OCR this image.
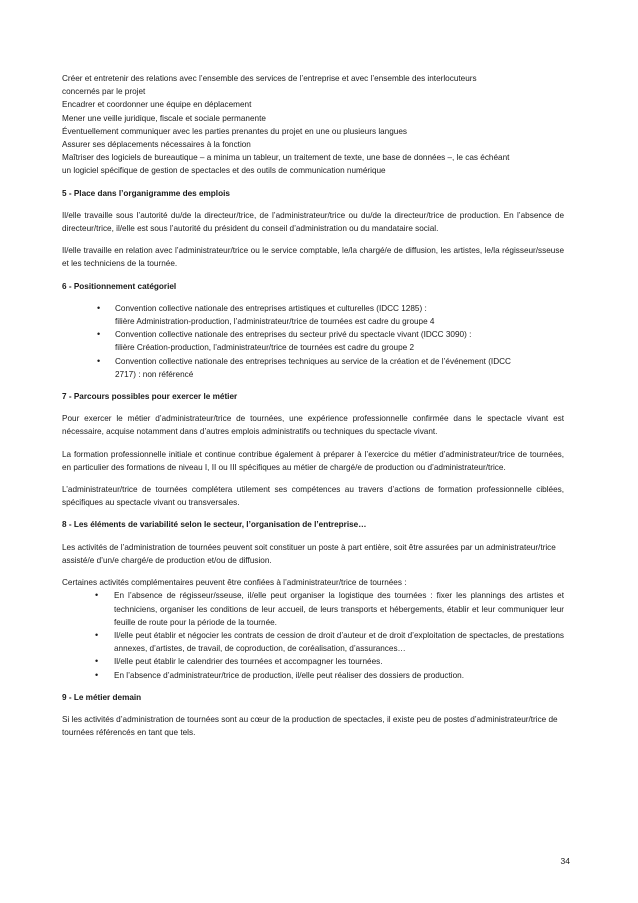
Créer et entretenir des relations avec l’ensemble des services de l’entreprise et avec l’ensemble des interlocuteurs

concernés par le projet

Encadrer et coordonner une équipe en déplacement

Mener une veille juridique, fiscale et sociale permanente

Éventuellement communiquer avec les parties prenantes du projet en une ou plusieurs langues

Assurer ses déplacements nécessaires à la fonction

Maîtriser des logiciels de bureautique – a minima un tableur, un traitement de texte, une base de données –, le cas échéant

un logiciel spécifique de gestion de spectacles et des outils de communication numérique

5 - Place dans l’organigramme des emplois

Il/elle travaille sous l’autorité du/de la directeur/trice, de l’administrateur/trice ou du/de la directeur/trice de production. En l’absence de directeur/trice, il/elle est sous l’autorité du président du conseil d’administration ou du mandataire social.

Il/elle travaille en relation avec l’administrateur/trice ou le service comptable, le/la chargé/e de diffusion, les artistes, le/la régisseur/sseuse et les techniciens de la tournée.

6 - Positionnement catégoriel
• Convention collective nationale des entreprises artistiques et culturelles (IDCC 1285) :
filière Administration-production, l’administrateur/trice de tournées est cadre du groupe 4
• Convention collective nationale des entreprises du secteur privé du spectacle vivant (IDCC 3090) :
filière Création-production, l’administrateur/trice de tournées est cadre du groupe 2
• Convention collective nationale des entreprises techniques au service de la création et de l’événement (IDCC
2717) : non référencé
7 - Parcours possibles pour exercer le métier

Pour exercer le métier d’administrateur/trice de tournées, une expérience professionnelle confirmée dans le spectacle vivant est nécessaire, acquise notamment dans d’autres emplois administratifs ou techniques du spectacle vivant.

La formation professionnelle initiale et continue contribue également à préparer à l’exercice du métier d’administrateur/trice de tournées, en particulier des formations de niveau I, II ou III spécifiques au métier de chargé/e de production ou d’administrateur/trice.

L’administrateur/trice de tournées complétera utilement ses compétences au travers d’actions de formation professionnelle ciblées, spécifiques au spectacle vivant ou transversales.

8 - Les éléments de variabilité selon le secteur, l’organisation de l’entreprise…

Les activités de l’administration de tournées peuvent soit constituer un poste à part entière, soit être assurées par un administrateur/trice assisté/e d’un/e chargé/e de production et/ou de diffusion.

Certaines activités complémentaires peuvent être confiées à l’administrateur/trice de tournées :

• En l’absence de régisseur/sseuse, il/elle peut organiser la logistique des tournées : fixer les plannings des artistes et techniciens, organiser les conditions de leur accueil, de leurs transports et hébergements, établir et leur communiquer leur feuille de route pour la période de la tournée.
• Il/elle peut établir et négocier les contrats de cession de droit d’auteur et de droit d’exploitation de spectacles, de prestations annexes, d’artistes, de travail, de coproduction, de coréalisation, d’assurances…
• Il/elle peut établir le calendrier des tournées et accompagner les tournées.
• En l’absence d’administrateur/trice de production, il/elle peut réaliser des dossiers de production.
9 - Le métier demain

Si les activités d’administration de tournées sont au cœur de la production de spectacles, il existe peu de postes d’administrateur/trice de tournées référencés en tant que tels.

34
